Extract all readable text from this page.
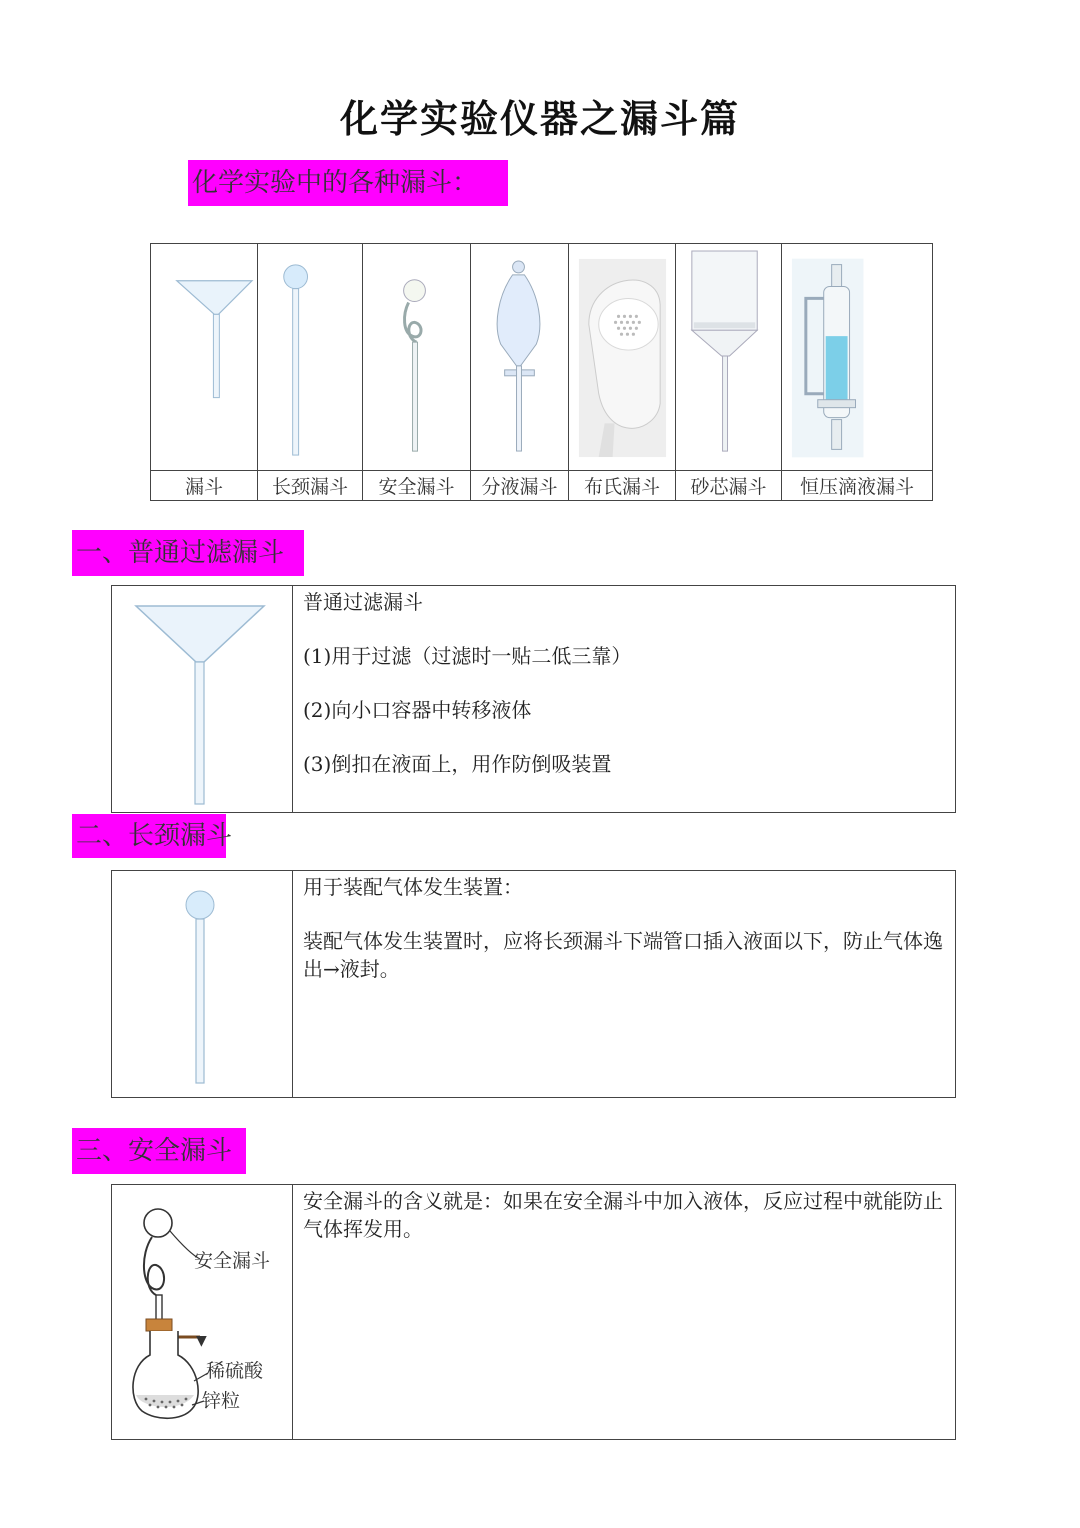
化学实验仪器之漏斗篇
化学实验中的各种漏斗：

漏斗	长颈漏斗	安全漏斗	分液漏斗	布氏漏斗	砂芯漏斗	恒压滴液漏斗
一、普通过滤漏斗

普通过滤漏斗

(1)用于过滤（过滤时一贴二低三靠）

(2)向小口容器中转移液体

(3)倒扣在液面上，用作防倒吸装置

二、长颈漏斗

用于装配气体发生装置：

装配气体发生装置时，应将长颈漏斗下端管口插入液面以下，防止气体逸出→液封。

三、安全漏斗
安全漏斗
▼
稀硫酸
锌粒

安全漏斗的含义就是：如果在安全漏斗中加入液体，反应过程中就能防止气体挥发用。
